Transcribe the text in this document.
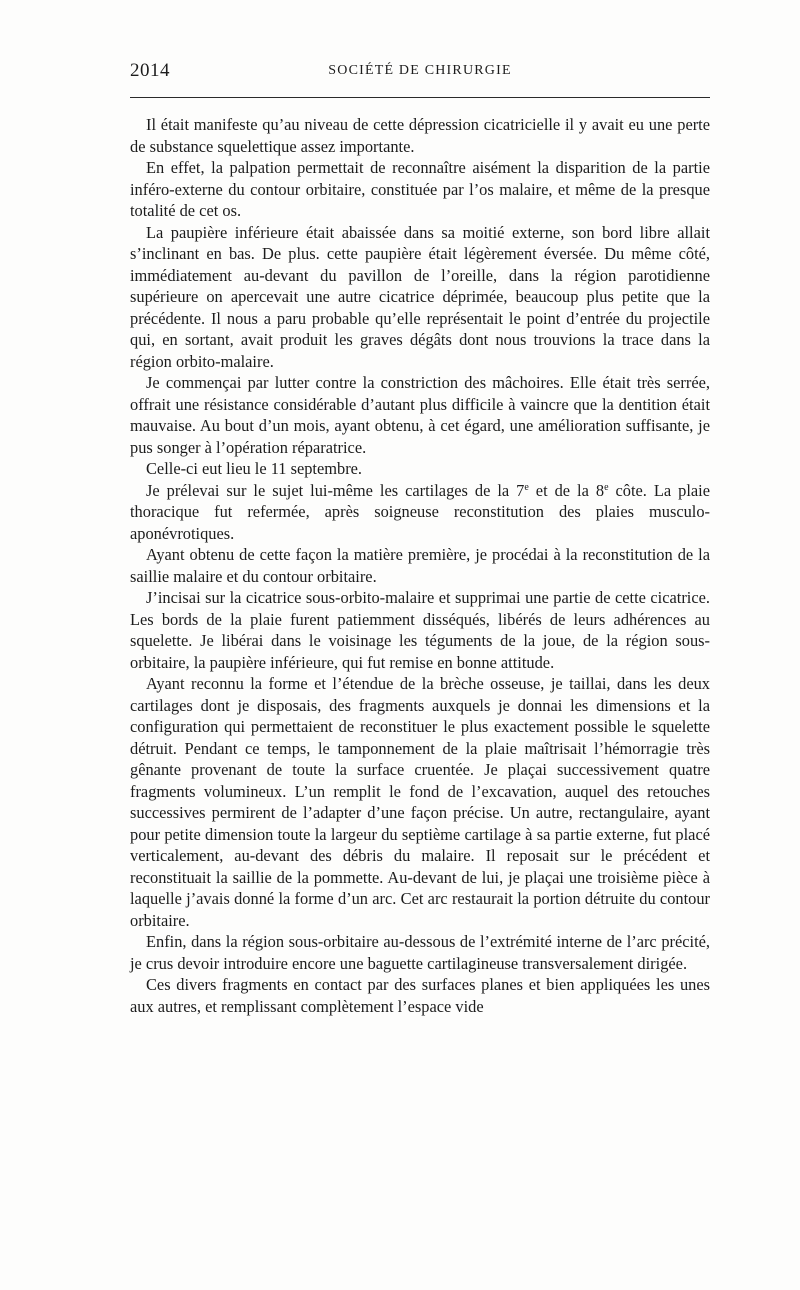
2014	SOCIÉTÉ DE CHIRURGIE

Il était manifeste qu’au niveau de cette dépression cicatricielle il y avait eu une perte de substance squelettique assez importante.

En effet, la palpation permettait de reconnaître aisément la disparition de la partie inféro-externe du contour orbitaire, constituée par l’os malaire, et même de la presque totalité de cet os.

La paupière inférieure était abaissée dans sa moitié externe, son bord libre allait s’inclinant en bas. De plus. cette paupière était légèrement éversée. Du même côté, immédiatement au-devant du pavillon de l’oreille, dans la région parotidienne supérieure on apercevait une autre cicatrice déprimée, beaucoup plus petite que la précédente. Il nous a paru probable qu’elle représentait le point d’entrée du projectile qui, en sortant, avait produit les graves dégâts dont nous trouvions la trace dans la région orbito-malaire.

Je commençai par lutter contre la constriction des mâchoires. Elle était très serrée, offrait une résistance considérable d’autant plus difficile à vaincre que la dentition était mauvaise. Au bout d’un mois, ayant obtenu, à cet égard, une amélioration suffisante, je pus songer à l’opération réparatrice.

Celle-ci eut lieu le 11 septembre.

Je prélevai sur le sujet lui-même les cartilages de la 7e et de la 8e côte. La plaie thoracique fut refermée, après soigneuse reconstitution des plaies musculo-aponévrotiques.

Ayant obtenu de cette façon la matière première, je procédai à la reconstitution de la saillie malaire et du contour orbitaire.

J’incisai sur la cicatrice sous-orbito-malaire et supprimai une partie de cette cicatrice. Les bords de la plaie furent patiemment disséqués, libérés de leurs adhérences au squelette. Je libérai dans le voisinage les téguments de la joue, de la région sous-orbitaire, la paupière inférieure, qui fut remise en bonne attitude.

Ayant reconnu la forme et l’étendue de la brèche osseuse, je taillai, dans les deux cartilages dont je disposais, des fragments auxquels je donnai les dimensions et la configuration qui permettaient de reconstituer le plus exactement possible le squelette détruit. Pendant ce temps, le tamponnement de la plaie maîtrisait l’hémorragie très gênante provenant de toute la surface cruentée. Je plaçai successivement quatre fragments volumineux. L’un remplit le fond de l’excavation, auquel des retouches successives permirent de l’adapter d’une façon précise. Un autre, rectangulaire, ayant pour petite dimension toute la largeur du septième cartilage à sa partie externe, fut placé verticalement, au-devant des débris du malaire. Il reposait sur le précédent et reconstituait la saillie de la pommette. Au-devant de lui, je plaçai une troisième pièce à laquelle j’avais donné la forme d’un arc. Cet arc restaurait la portion détruite du contour orbitaire.

Enfin, dans la région sous-orbitaire au-dessous de l’extrémité interne de l’arc précité, je crus devoir introduire encore une baguette cartilagineuse transversalement dirigée.

Ces divers fragments en contact par des surfaces planes et bien appliquées les unes aux autres, et remplissant complètement l’espace vide
